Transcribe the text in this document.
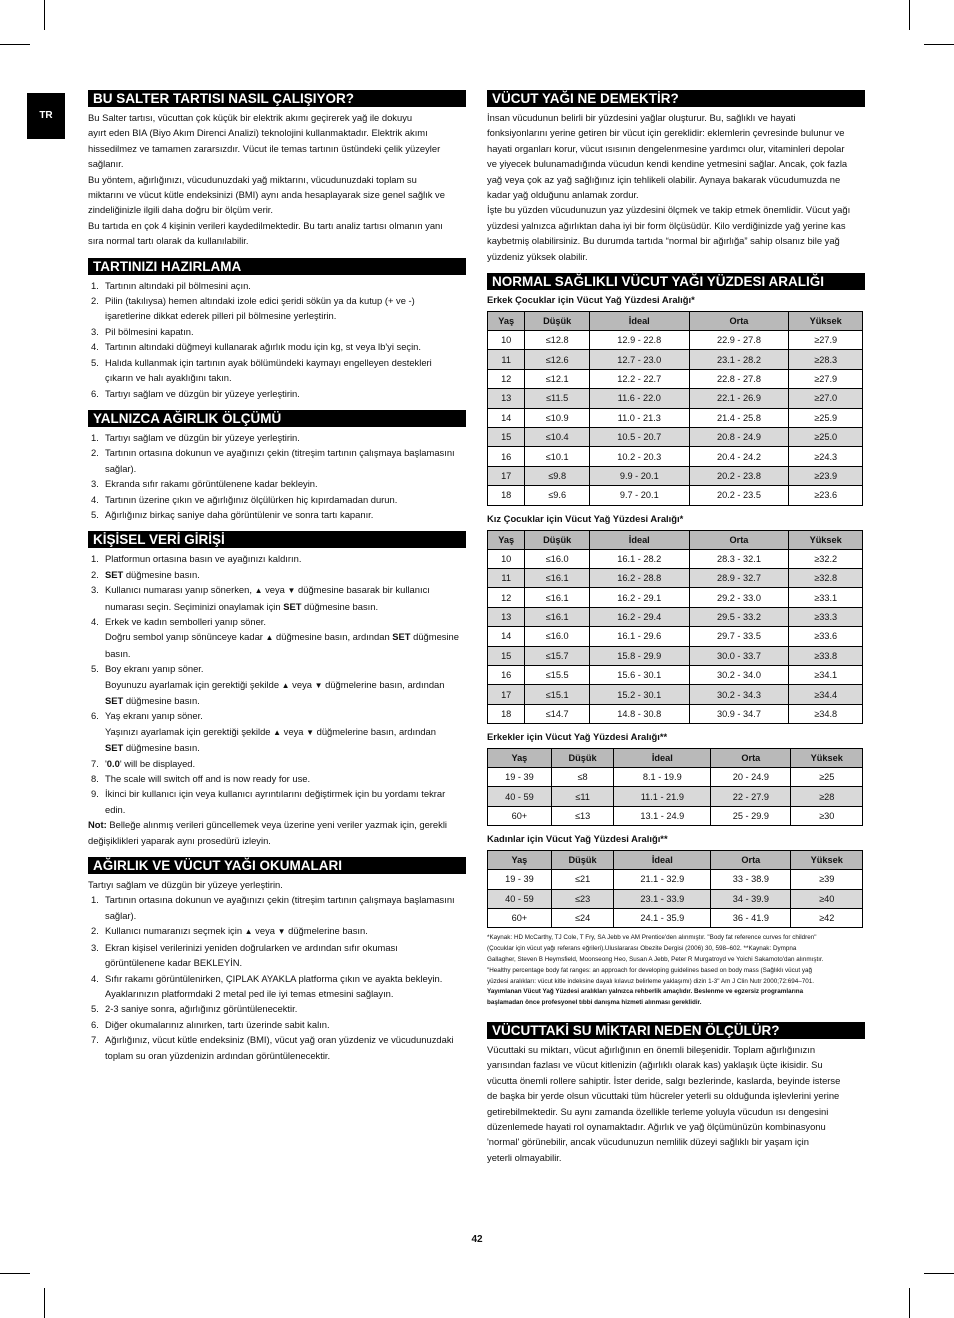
TR
BU SALTER TARTISI NASIL ÇALIŞIYOR?

Bu Salter tartısı, vücuttan çok küçük bir elektrik akımı geçirerek yağ ile dokuyu

ayırt eden BIA (Biyo Akım Direnci Analizi) teknolojini kullanmaktadır. Elektrik akımı

hissedilmez ve tamamen zararsızdır. Vücut ile temas tartının üstündeki çelik yüzeyler

sağlanır.

Bu yöntem, ağırlığınızı, vücudunuzdaki yağ miktarını, vücudunuzdaki toplam su

miktarını ve vücut kütle endeksinizi (BMI) aynı anda hesaplayarak size genel sağlık ve

zindeliğinizle ilgili daha doğru bir ölçüm verir.

Bu tartıda en çok 4 kişinin verileri kaydedilmektedir. Bu tartı analiz tartısı olmanın yanı

sıra normal tartı olarak da kullanılabilir.

TARTINIZI HAZIRLAMA
1. Tartının altındaki pil bölmesini açın.
2. Pilin (takılıysa) hemen altındaki izole edici şeridi sökün ya da kutup (+ ve -)
işaretlerine dikkat ederek pilleri pil bölmesine yerleştirin.
3. Pil bölmesini kapatın.
4. Tartının altındaki düğmeyi kullanarak ağırlık modu için kg, st veya lb'yi seçin.
5. Halıda kullanmak için tartının ayak bölümündeki kaymayı engelleyen destekleri
çıkarın ve halı ayaklığını takın.
6. Tartıyı sağlam ve düzgün bir yüzeye yerleştirin.
YALNIZCA AĞIRLIK ÖLÇÜMÜ
1. Tartıyı sağlam ve düzgün bir yüzeye yerleştirin.
2. Tartının ortasına dokunun ve ayağınızı çekin (titreşim tartının çalışmaya başlamasını
sağlar).
3. Ekranda sıfır rakamı görüntülenene kadar bekleyin.
4. Tartının üzerine çıkın ve ağırlığınız ölçülürken hiç kıpırdamadan durun.
5. Ağırlığınız birkaç saniye daha görüntülenir ve sonra tartı kapanır.
KİŞİSEL VERİ GİRİŞİ
1. Platformun ortasına basın ve ayağınızı kaldırın.
2. SET düğmesine basın.
3. Kullanıcı numarası yanıp sönerken, ▲ veya ▼ düğmesine basarak bir kullanıcı
numarası seçin. Seçiminizi onaylamak için SET düğmesine basın.
4. Erkek ve kadın sembolleri yanıp söner.
Doğru sembol yanıp sönünceye kadar ▲ düğmesine basın, ardından SET düğmesine
basın.
5. Boy ekranı yanıp söner.
Boyunuzu ayarlamak için gerektiği şekilde ▲ veya ▼ düğmelerine basın, ardından
SET düğmesine basın.
6. Yaş ekranı yanıp söner.
Yaşınızı ayarlamak için gerektiği şekilde ▲ veya ▼ düğmelerine basın, ardından
SET düğmesine basın.
7. '0.0' will be displayed.
8. The scale will switch off and is now ready for use.
9. İkinci bir kullanıcı için veya kullanıcı ayrıntılarını değiştirmek için bu yordamı tekrar
edin.

Not: Belleğe alınmış verileri güncellemek veya üzerine yeni veriler yazmak için, gerekli
değişiklikleri yaparak aynı prosedürü izleyin.

AĞIRLIK VE VÜCUT YAĞI OKUMALARI

Tartıyı sağlam ve düzgün bir yüzeye yerleştirin.

1. Tartının ortasına dokunun ve ayağınızı çekin (titreşim tartının çalışmaya başlamasını
sağlar).
2. Kullanıcı numaranızı seçmek için ▲ veya ▼ düğmelerine basın.
3. Ekran kişisel verilerinizi yeniden doğrularken ve ardından sıfır okuması
görüntülenene kadar BEKLEYİN.
4. Sıfır rakamı görüntülenirken, ÇIPLAK AYAKLA platforma çıkın ve ayakta bekleyin.
Ayaklarınızın platformdaki 2 metal ped ile iyi temas etmesini sağlayın.
5. 2-3 saniye sonra, ağırlığınız görüntülenecektir.
6. Diğer okumalarınız alınırken, tartı üzerinde sabit kalın.
7. Ağırlığınız, vücut kütle endeksiniz (BMI), vücut yağ oran yüzdeniz ve vücudunuzdaki
toplam su oran yüzdenizin ardından görüntülenecektir.
VÜCUT YAĞI NE DEMEKTİR?

İnsan vücudunun belirli bir yüzdesini yağlar oluşturur. Bu, sağlıklı ve hayati

fonksiyonlarını yerine getiren bir vücut için gereklidir: eklemlerin çevresinde bulunur ve

hayati organları korur, vücut ısısının dengelenmesine yardımcı olur, vitaminleri depolar

ve yiyecek bulunamadığında vücudun kendi kendine yetmesini sağlar. Ancak, çok fazla

yağ veya çok az yağ sağlığınız için tehlikeli olabilir. Aynaya bakarak vücudumuzda ne

kadar yağ olduğunu anlamak zordur.

İşte bu yüzden vücudunuzun yaz yüzdesini ölçmek ve takip etmek önemlidir. Vücut yağı

yüzdesi yalnızca ağırlıktan daha iyi bir form ölçüsüdür. Kilo verdiğinizde yağ yerine kas

kaybetmiş olabilirsiniz. Bu durumda tartıda “normal bir ağırlığa” sahip olsanız bile yağ

yüzdeniz yüksek olabilir.

NORMAL SAĞLIKLI VÜCUT YAĞI YÜZDESI ARALIĞI
Erkek Çocuklar için Vücut Yağ Yüzdesi Aralığı*
Yaş	Düşük	İdeal	Orta	Yüksek
10	≤12.8	12.9 - 22.8	22.9 - 27.8	≥27.9
11	≤12.6	12.7 - 23.0	23.1 - 28.2	≥28.3
12	≤12.1	12.2 - 22.7	22.8 - 27.8	≥27.9
13	≤11.5	11.6 - 22.0	22.1 - 26.9	≥27.0
14	≤10.9	11.0 - 21.3	21.4 - 25.8	≥25.9
15	≤10.4	10.5 - 20.7	20.8 - 24.9	≥25.0
16	≤10.1	10.2 - 20.3	20.4 - 24.2	≥24.3
17	≤9.8	9.9 - 20.1	20.2 - 23.8	≥23.9
18	≤9.6	9.7 - 20.1	20.2 - 23.5	≥23.6
Kız Çocuklar için Vücut Yağ Yüzdesi Aralığı*
Yaş	Düşük	İdeal	Orta	Yüksek
10	≤16.0	16.1 - 28.2	28.3 - 32.1	≥32.2
11	≤16.1	16.2 - 28.8	28.9 - 32.7	≥32.8
12	≤16.1	16.2 - 29.1	29.2 - 33.0	≥33.1
13	≤16.1	16.2 - 29.4	29.5 - 33.2	≥33.3
14	≤16.0	16.1 - 29.6	29.7 - 33.5	≥33.6
15	≤15.7	15.8 - 29.9	30.0 - 33.7	≥33.8
16	≤15.5	15.6 - 30.1	30.2 - 34.0	≥34.1
17	≤15.1	15.2 - 30.1	30.2 - 34.3	≥34.4
18	≤14.7	14.8 - 30.8	30.9 - 34.7	≥34.8
Erkekler için Vücut Yağ Yüzdesi Aralığı**
Yaş	Düşük	İdeal	Orta	Yüksek
19 - 39	≤8	8.1 - 19.9	20 - 24.9	≥25
40 - 59	≤11	11.1 - 21.9	22 - 27.9	≥28
60+	≤13	13.1 - 24.9	25 - 29.9	≥30
Kadınlar için Vücut Yağ Yüzdesi Aralığı**
Yaş	Düşük	İdeal	Orta	Yüksek
19 - 39	≤21	21.1 - 32.9	33 - 38.9	≥39
40 - 59	≤23	23.1 - 33.9	34 - 39.9	≥40
60+	≤24	24.1 - 35.9	36 - 41.9	≥42

*Kaynak: HD McCarthy, TJ Cole, T Fry, SA Jebb ve AM Prentice'den alınmıştır. "Body fat reference curves for children"

(Çocuklar için vücut yağı referans eğrileri).Uluslararası Obezite Dergisi (2006) 30, 598–602. **Kaynak: Dympna

Gallagher, Steven B Heymsfield, Moonseong Heo, Susan A Jebb, Peter R Murgatroyd ve Yoichi Sakamoto'dan alınmıştır.

"Healthy percentage body fat ranges: an approach for developing guidelines based on body mass (Sağlıklı vücut yağ

yüzdesi aralıkları: vücut kitle indeksine dayalı kılavuz belirleme yaklaşımı) dizin 1-3" Am J Clin Nutr 2000;72:694–701.

Yayımlanan Vücut Yağ Yüzdesi aralıkları yalnızca rehberlik amaçlıdır. Beslenme ve egzersiz programlarına

başlamadan önce profesyonel tıbbi danışma hizmeti alınması gereklidir.

VÜCUTTAKİ SU MİKTARI NEDEN ÖLÇÜLÜR?

Vücuttaki su miktarı, vücut ağırlığının en önemli bileşenidir. Toplam ağırlığınızın

yarısından fazlası ve vücut kitlenizin (ağırlıklı olarak kas) yaklaşık üçte ikisidir. Su

vücutta önemli rollere sahiptir. İster deride, salgı bezlerinde, kaslarda, beyinde isterse

de başka bir yerde olsun vücuttaki tüm hücreler yeterli su olduğunda işlevlerini yerine

getirebilmektedir. Su aynı zamanda özellikle terleme yoluyla vücudun ısı dengesini

düzenlemede hayati rol oynamaktadır. Ağırlık ve yağ ölçümünüzün kombinasyonu

'normal' görünebilir, ancak vücudunuzun nemlilik düzeyi sağlıklı bir yaşam için

yeterli olmayabilir.

42
